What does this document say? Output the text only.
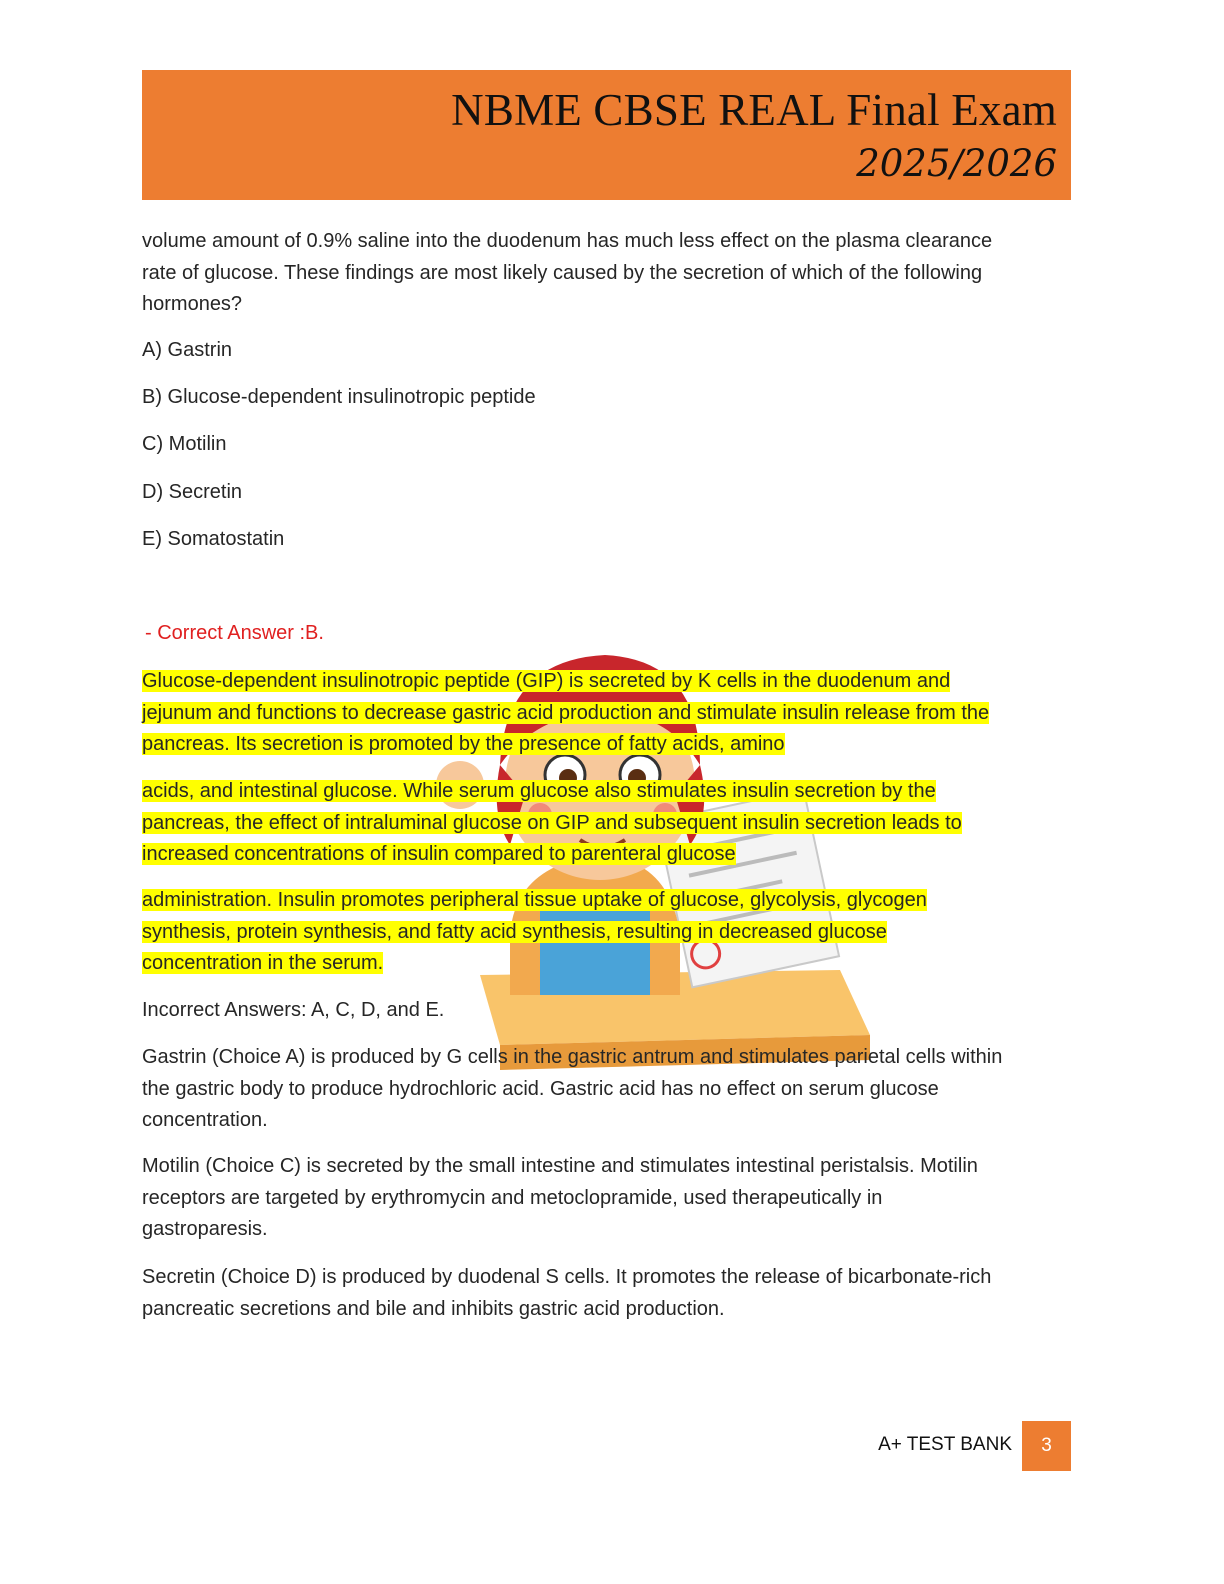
NBME CBSE REAL Final Exam
2025/2026

volume amount of 0.9% saline into the duodenum has much less effect on the plasma clearance
rate of glucose. These findings are most likely caused by the secretion of which of the following
hormones?

A) Gastrin

B) Glucose-dependent insulinotropic peptide

C) Motilin

D) Secretin

E) Somatostatin

- Correct Answer :B.

Glucose-dependent insulinotropic peptide (GIP) is secreted by K cells in the duodenum and
jejunum and functions to decrease gastric acid production and stimulate insulin release from the
pancreas. Its secretion is promoted by the presence of fatty acids, amino

acids, and intestinal glucose. While serum glucose also stimulates insulin secretion by the
pancreas, the effect of intraluminal glucose on GIP and subsequent insulin secretion leads to
increased concentrations of insulin compared to parenteral glucose

administration. Insulin promotes peripheral tissue uptake of glucose, glycolysis, glycogen
synthesis, protein synthesis, and fatty acid synthesis, resulting in decreased glucose
concentration in the serum.

Incorrect Answers: A, C, D, and E.

Gastrin (Choice A) is produced by G cells in the gastric antrum and stimulates parietal cells within
the gastric body to produce hydrochloric acid. Gastric acid has no effect on serum glucose
concentration.

Motilin (Choice C) is secreted by the small intestine and stimulates intestinal peristalsis. Motilin
receptors are targeted by erythromycin and metoclopramide, used therapeutically in
gastroparesis.

Secretin (Choice D) is produced by duodenal S cells. It promotes the release of bicarbonate-rich
pancreatic secretions and bile and inhibits gastric acid production.

A+ TEST BANK	3
